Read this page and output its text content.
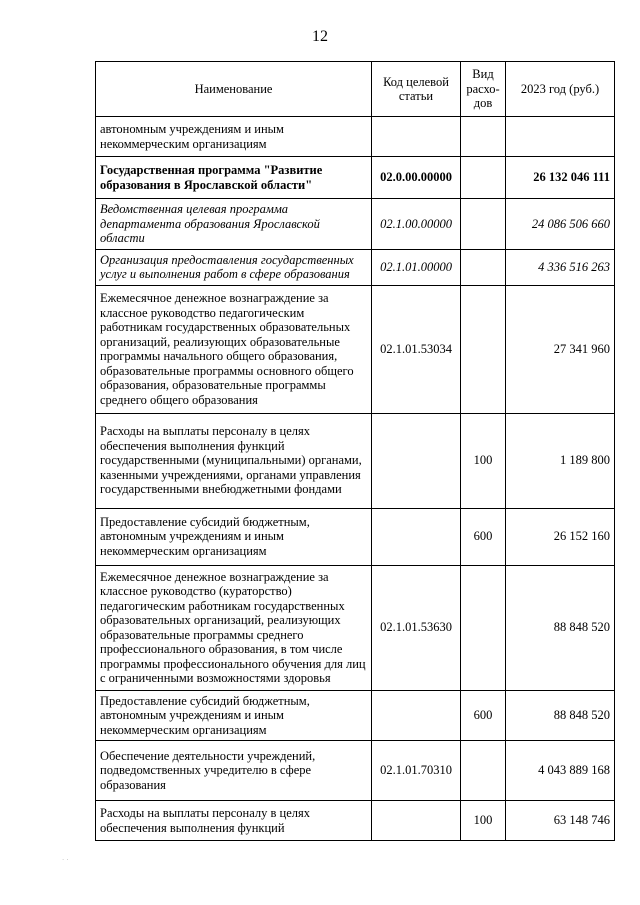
12
Наименование	Код целевой статьи	Вид расхо- дов	2023 год (руб.)
автономным учреждениям и иным некоммерческим организациям			
Государственная программа "Развитие образования в Ярославской области"	02.0.00.00000		26 132 046 111
Ведомственная целевая программа департамента образования Ярославской области	02.1.00.00000		24 086 506 660
Организация предоставления государственных услуг и выполнения работ в сфере образования	02.1.01.00000		4 336 516 263
Ежемесячное денежное вознаграждение за классное руководство педагогическим работникам государственных образовательных организаций, реализующих образовательные программы начального общего образования, образовательные программы основного общего образования, образовательные программы среднего общего образования	02.1.01.53034		27 341 960
Расходы на выплаты персоналу в целях обеспечения выполнения функций государственными (муниципальными) органами, казенными учреждениями, органами управления государственными внебюджетными фондами		100	1 189 800
Предоставление субсидий бюджетным, автономным учреждениям и иным некоммерческим организациям		600	26 152 160
Ежемесячное денежное вознаграждение за классное руководство (кураторство) педагогическим работникам государственных образовательных организаций, реализующих образовательные программы среднего профессионального образования, в том числе программы профессионального обучения для лиц с ограниченными возможностями здоровья	02.1.01.53630		88 848 520
Предоставление субсидий бюджетным, автономным учреждениям и иным некоммерческим организациям		600	88 848 520
Обеспечение деятельности учреждений, подведомственных учредителю в сфере образования	02.1.01.70310		4 043 889 168
Расходы на выплаты персоналу в целях обеспечения выполнения функций		100	63 148 746
· ·
